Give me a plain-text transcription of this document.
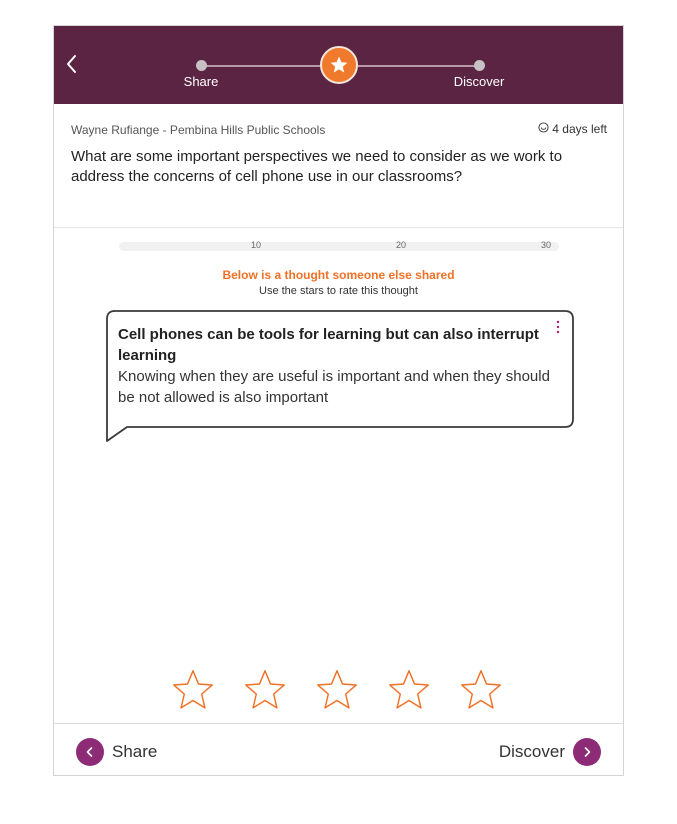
Share	Discover
Wayne Rufiange - Pembina Hills Public Schools	4 days left
What are some important perspectives we need to consider as we work to address the concerns of cell phone use in our classrooms?
10	20	30
Below is a thought someone else shared
Use the stars to rate this thought
Cell phones can be tools for learning but can also interrupt learning
Knowing when they are useful is important and when they should be not allowed is also important
Share	Discover
